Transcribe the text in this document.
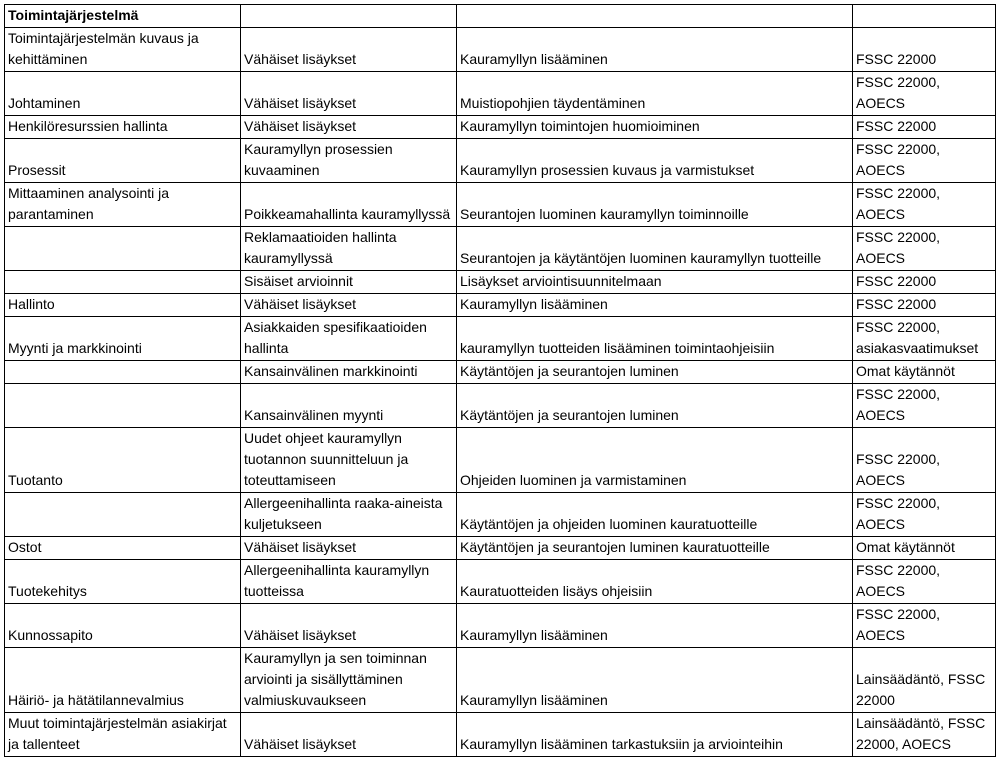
Toimintajärjestelmä			
Toimintajärjestelmän kuvaus ja kehittäminen	Vähäiset lisäykset	Kauramyllyn lisääminen	FSSC 22000
Johtaminen	Vähäiset lisäykset	Muistiopohjien täydentäminen	FSSC 22000, AOECS
Henkilöresurssien hallinta	Vähäiset lisäykset	Kauramyllyn toimintojen huomioiminen	FSSC 22000
Prosessit	Kauramyllyn prosessien kuvaaminen	Kauramyllyn prosessien kuvaus ja varmistukset	FSSC 22000, AOECS
Mittaaminen analysointi ja parantaminen	Poikkeamahallinta kauramyllyssä	Seurantojen luominen kauramyllyn toiminnoille	FSSC 22000, AOECS
	Reklamaatioiden hallinta kauramyllyssä	Seurantojen ja käytäntöjen luominen kauramyllyn tuotteille	FSSC 22000, AOECS
	Sisäiset arvioinnit	Lisäykset arviointisuunnitelmaan	FSSC 22000
Hallinto	Vähäiset lisäykset	Kauramyllyn lisääminen	FSSC 22000
Myynti ja markkinointi	Asiakkaiden spesifikaatioiden hallinta	kauramyllyn tuotteiden lisääminen toimintaohjeisiin	FSSC 22000, asiakasvaatimukset
	Kansainvälinen markkinointi	Käytäntöjen ja seurantojen luminen	Omat käytännöt
	Kansainvälinen myynti	Käytäntöjen ja seurantojen luminen	FSSC 22000, AOECS
Tuotanto	Uudet ohjeet kauramyllyn tuotannon suunnitteluun ja toteuttamiseen	Ohjeiden luominen ja varmistaminen	FSSC 22000, AOECS
	Allergeenihallinta raaka-aineista kuljetukseen	Käytäntöjen ja ohjeiden luominen kauratuotteille	FSSC 22000, AOECS
Ostot	Vähäiset lisäykset	Käytäntöjen ja seurantojen luminen kauratuotteille	Omat käytännöt
Tuotekehitys	Allergeenihallinta kauramyllyn tuotteissa	Kauratuotteiden lisäys ohjeisiin	FSSC 22000, AOECS
Kunnossapito	Vähäiset lisäykset	Kauramyllyn lisääminen	FSSC 22000, AOECS
Häiriö- ja hätätilannevalmius	Kauramyllyn ja sen toiminnan arviointi ja sisällyttäminen valmiuskuvaukseen	Kauramyllyn lisääminen	Lainsäädäntö, FSSC 22000
Muut toimintajärjestelmän asiakirjat ja tallenteet	Vähäiset lisäykset	Kauramyllyn lisääminen tarkastuksiin ja arviointeihin	Lainsäädäntö, FSSC 22000, AOECS
